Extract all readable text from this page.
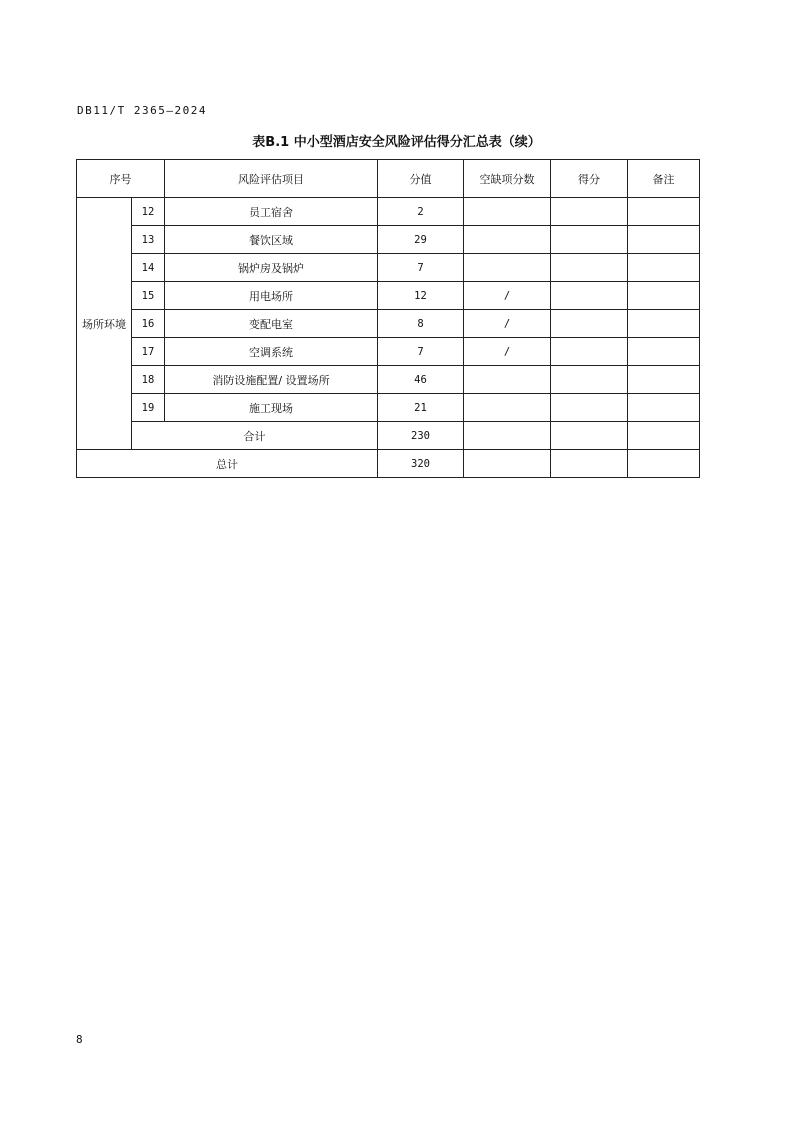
DB11/T 2365—2024
表B.1 中小型酒店安全风险评估得分汇总表（续）
序号		风险评估项目	分值	空缺项分数	得分	备注
场所环境	12	员工宿舍	2			
	13	餐饮区域	29			
	14	锅炉房及锅炉	7			
	15	用电场所	12	/		
	16	变配电室	8	/		
	17	空调系统	7	/		
	18	消防设施配置/ 设置场所	46			
	19	施工现场	21			
	合计		230			
总计			320			
8
